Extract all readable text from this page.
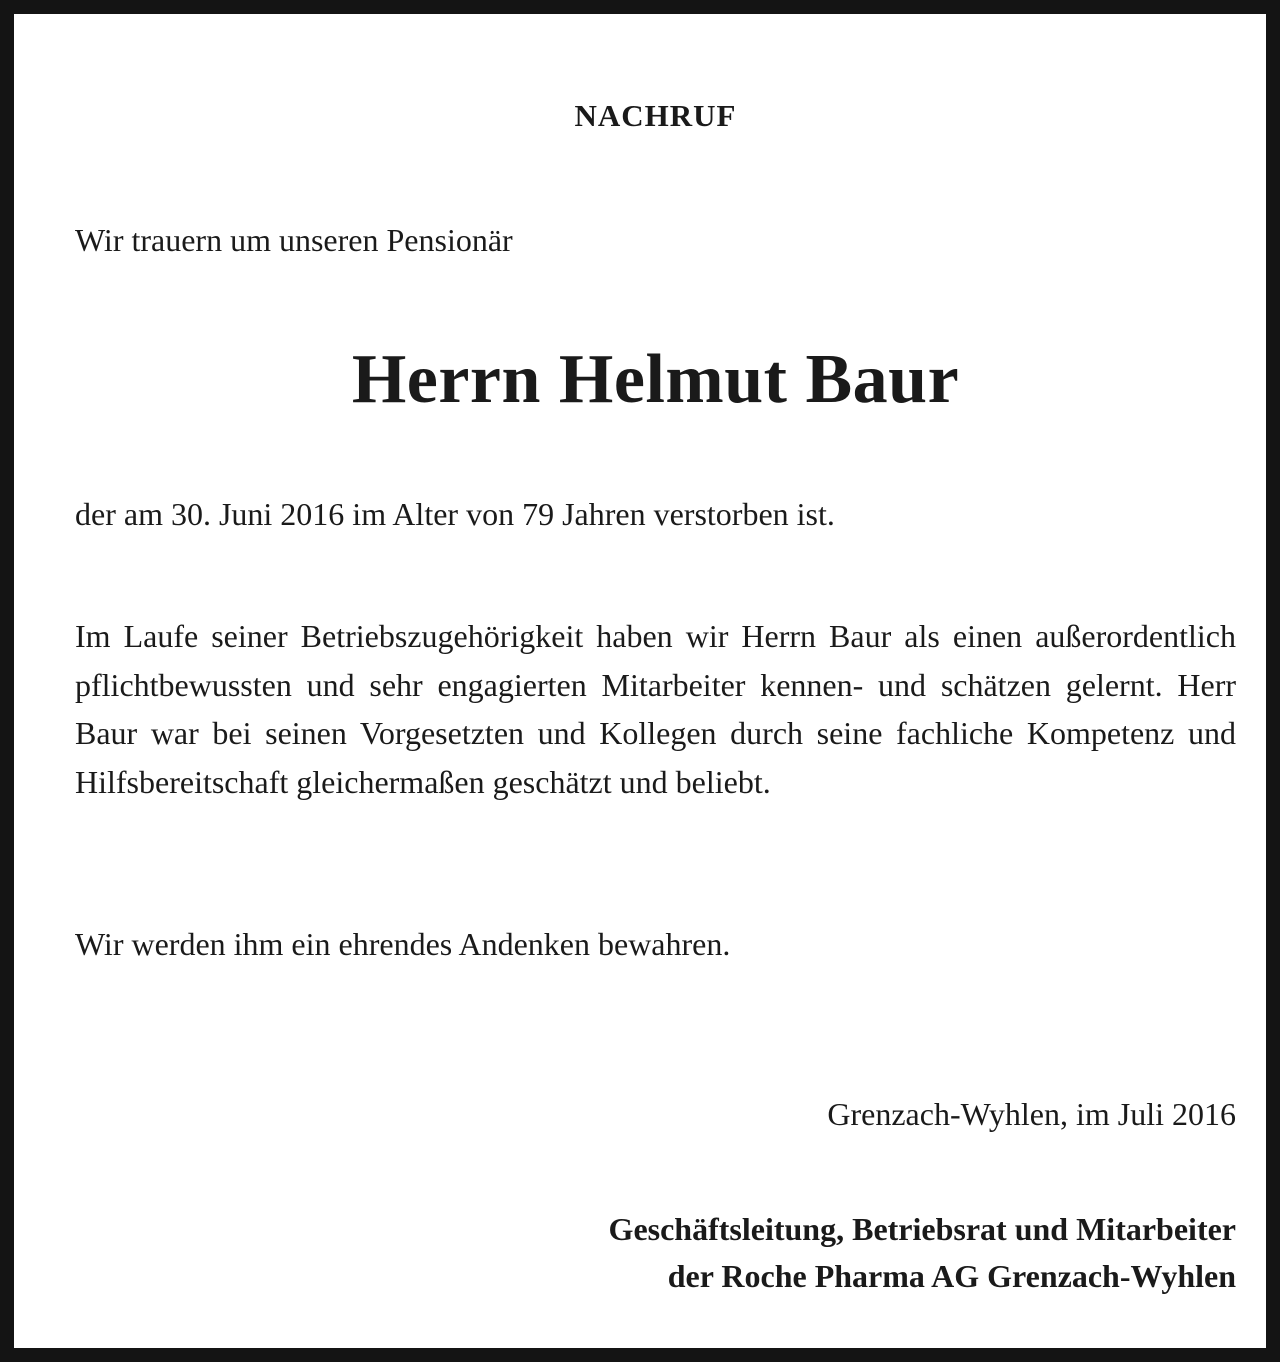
NACHRUF

Wir trauern um unseren Pensionär

Herrn Helmut Baur

der am 30. Juni 2016 im Alter von 79 Jahren verstorben ist.

Im Laufe seiner Betriebszugehörigkeit haben wir Herrn Baur als einen außerordentlich pflichtbewussten und sehr engagierten Mitarbeiter kennen- und schätzen gelernt. Herr Baur war bei seinen Vorgesetzten und Kollegen durch seine fachliche Kompetenz und Hilfsbereitschaft gleichermaßen geschätzt und beliebt.

Wir werden ihm ein ehrendes Andenken bewahren.

Grenzach-Wyhlen, im Juli 2016

Geschäftsleitung, Betriebsrat und Mitarbeiter
der Roche Pharma AG Grenzach-Wyhlen
